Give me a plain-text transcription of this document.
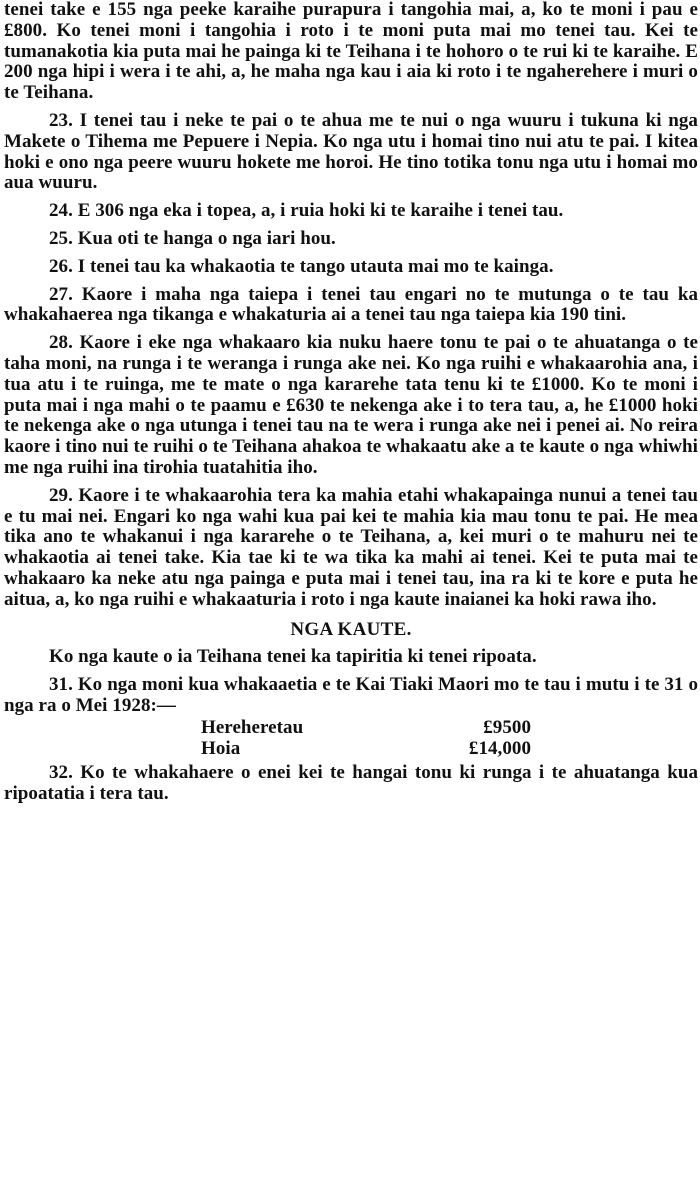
tenei take e 155 nga peeke karaihe purapura i tangohia mai, a, ko te moni i pau e £800. Ko tenei moni i tangohia i roto i te moni puta mai mo tenei tau. Kei te tumanakotia kia puta mai he painga ki te Teihana i te hohoro o te rui ki te karaihe. E 200 nga hipi i wera i te ahi, a, he maha nga kau i aia ki roto i te ngaherehere i muri o te Teihana.

23. I tenei tau i neke te pai o te ahua me te nui o nga wuuru i tukuna ki nga Makete o Tihema me Pepuere i Nepia. Ko nga utu i homai tino nui atu te pai. I kitea hoki e ono nga peere wuuru hokete me horoi. He tino totika tonu nga utu i homai mo aua wuuru.

24. E 306 nga eka i topea, a, i ruia hoki ki te karaihe i tenei tau.

25. Kua oti te hanga o nga iari hou.

26. I tenei tau ka whakaotia te tango utauta mai mo te kainga.

27. Kaore i maha nga taiepa i tenei tau engari no te mutunga o te tau ka whakahaerea nga tikanga e whakaturia ai a tenei tau nga taiepa kia 190 tini.

28. Kaore i eke nga whakaaro kia nuku haere tonu te pai o te ahuatanga o te taha moni, na runga i te weranga i runga ake nei. Ko nga ruihi e whakaarohia ana, i tua atu i te ruinga, me te mate o nga kararehe tata tenu ki te £1000. Ko te moni i puta mai i nga mahi o te paamu e £630 te nekenga ake i to tera tau, a, he £1000 hoki te nekenga ake o nga utunga i tenei tau na te wera i runga ake nei i penei ai. No reira kaore i tino nui te ruihi o te Teihana ahakoa te whakaatu ake a te kaute o nga whiwhi me nga ruihi ina tirohia tuatahitia iho.

29. Kaore i te whakaarohia tera ka mahia etahi whakapainga nunui a tenei tau e tu mai nei. Engari ko nga wahi kua pai kei te mahia kia mau tonu te pai. He mea tika ano te whakanui i nga kararehe o te Teihana, a, kei muri o te mahuru nei te whakaotia ai tenei take. Kia tae ki te wa tika ka mahi ai tenei. Kei te puta mai te whakaaro ka neke atu nga painga e puta mai i tenei tau, ina ra ki te kore e puta he aitua, a, ko nga ruihi e whakaaturia i roto i nga kaute inaianei ka hoki rawa iho.

NGA KAUTE.

Ko nga kaute o ia Teihana tenei ka tapiritia ki tenei ripoata.

31. Ko nga moni kua whakaaetia e te Kai Tiaki Maori mo te tau i mutu i te 31 o nga ra o Mei 1928:—

Hereheretau	£9500
Hoia	£14,000

32. Ko te whakahaere o enei kei te hangai tonu ki runga i te ahuatanga kua ripoatatia i tera tau.
